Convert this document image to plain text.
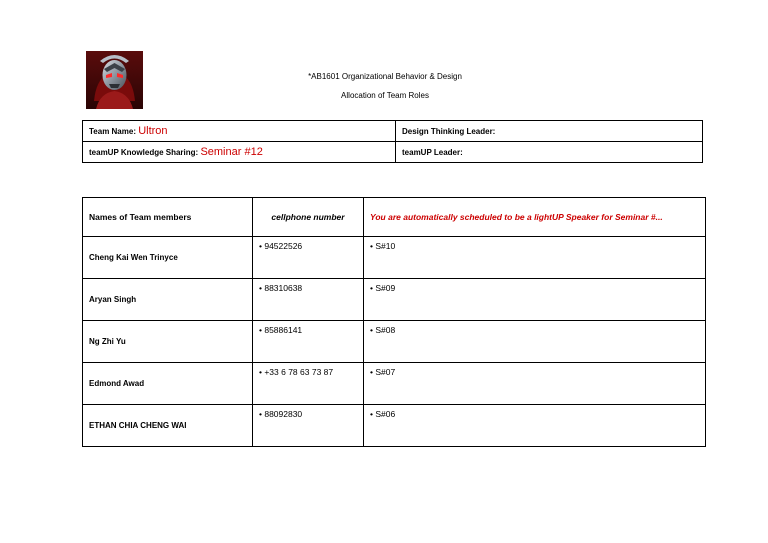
*AB1601 Organizational Behavior & Design
Allocation of Team Roles
Team Name: Ultron	Design Thinking Leader:
teamUP Knowledge Sharing: Seminar #12	teamUP Leader:
Names of Team members	cellphone number	You are automatically scheduled to be a lightUP Speaker for Seminar #...
Cheng Kai Wen Trinyce	• 94522526	• S#10
Aryan Singh	• 88310638	• S#09
Ng Zhi Yu	• 85886141	• S#08
Edmond Awad	• +33 6 78 63 73 87	• S#07
ETHAN CHIA CHENG WAI	• 88092830	• S#06
